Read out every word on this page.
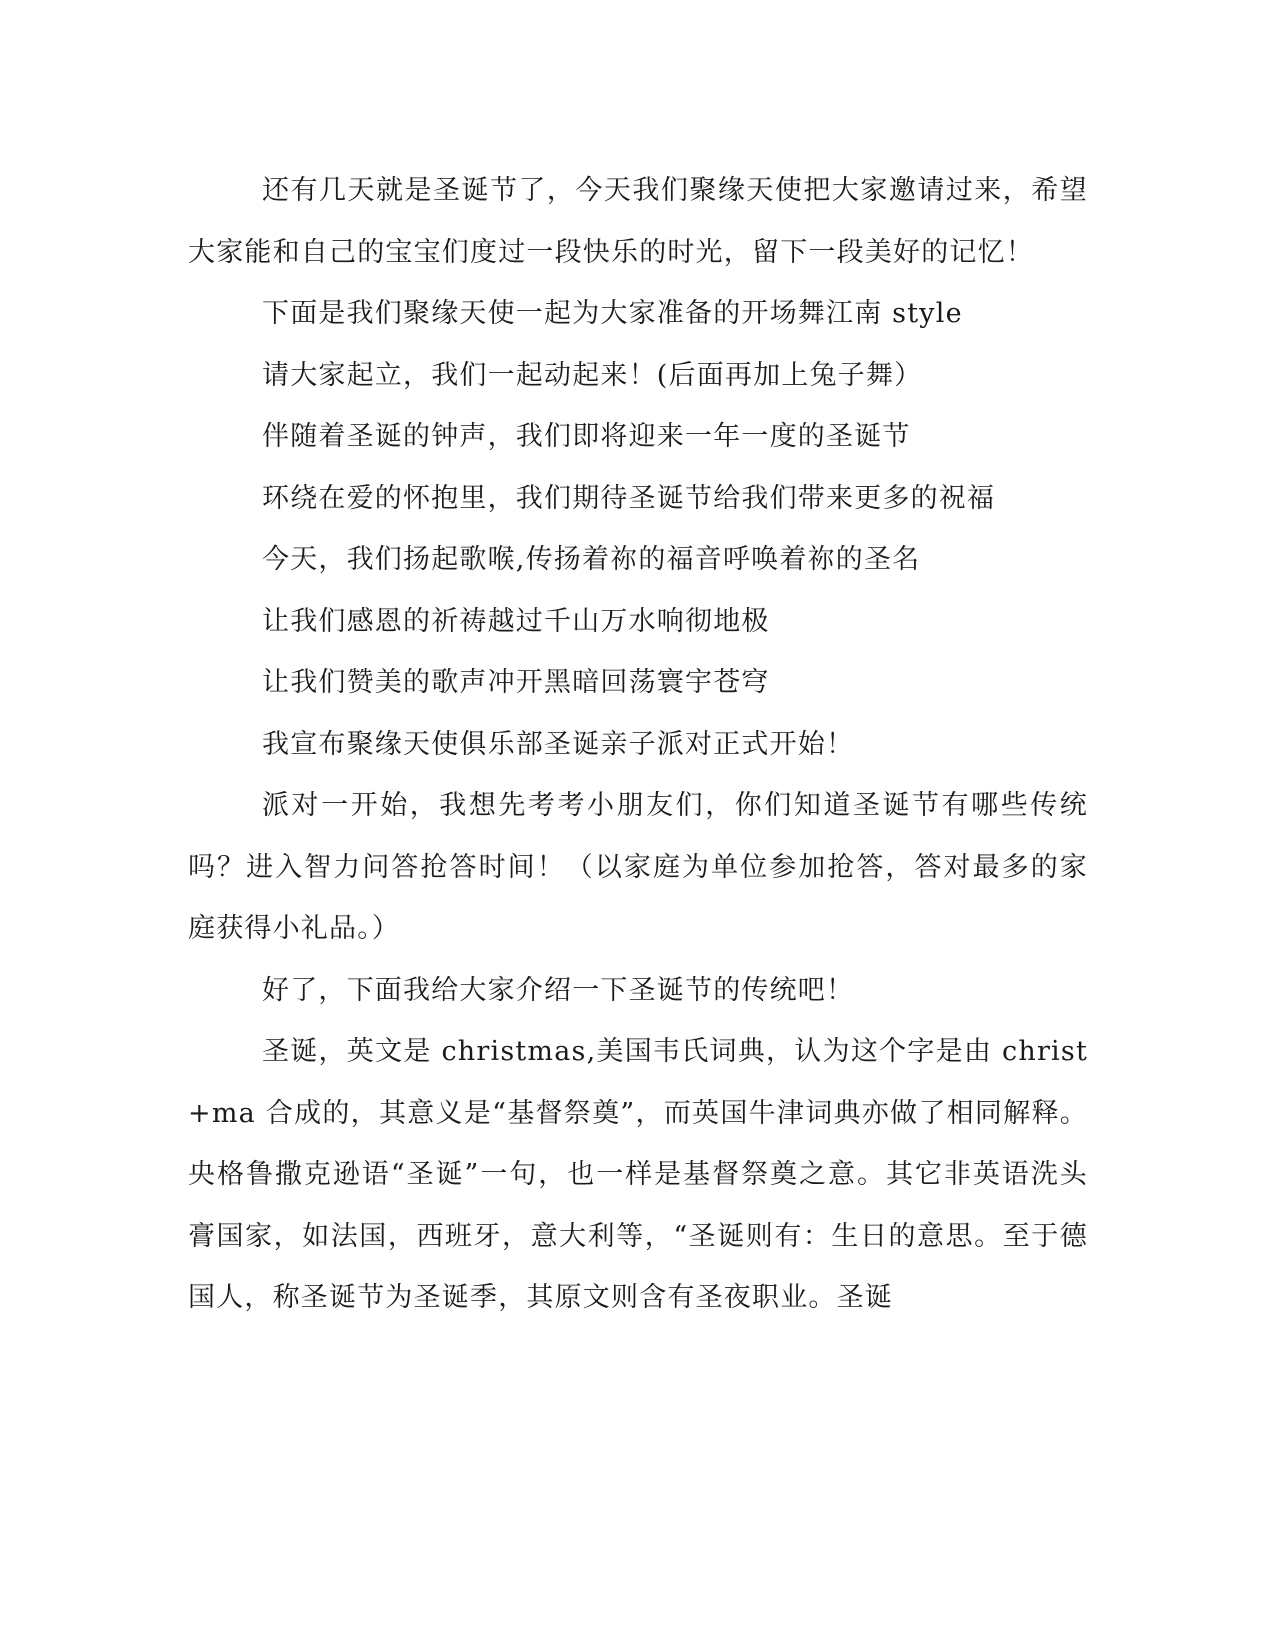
还有几天就是圣诞节了，今天我们聚缘天使把大家邀请过来，希望大家能和自己的宝宝们度过一段快乐的时光，留下一段美好的记忆！

下面是我们聚缘天使一起为大家准备的开场舞江南 style

请大家起立，我们一起动起来！(后面再加上兔子舞）

伴随着圣诞的钟声，我们即将迎来一年一度的圣诞节

环绕在爱的怀抱里，我们期待圣诞节给我们带来更多的祝福

今天，我们扬起歌喉,传扬着祢的福音呼唤着祢的圣名

让我们感恩的祈祷越过千山万水响彻地极

让我们赞美的歌声冲开黑暗回荡寰宇苍穹

我宣布聚缘天使俱乐部圣诞亲子派对正式开始！

派对一开始，我想先考考小朋友们，你们知道圣诞节有哪些传统吗？进入智力问答抢答时间！（以家庭为单位参加抢答，答对最多的家庭获得小礼品。）

好了，下面我给大家介绍一下圣诞节的传统吧！

圣诞，英文是 christmas,美国韦氏词典，认为这个字是由 christ+ma 合成的，其意义是“基督祭奠”，而英国牛津词典亦做了相同解释。央格鲁撒克逊语“圣诞”一句，也一样是基督祭奠之意。其它非英语洗头膏国家，如法国，西班牙，意大利等，“圣诞则有：生日的意思。至于德国人，称圣诞节为圣诞季，其原文则含有圣夜职业。圣诞
